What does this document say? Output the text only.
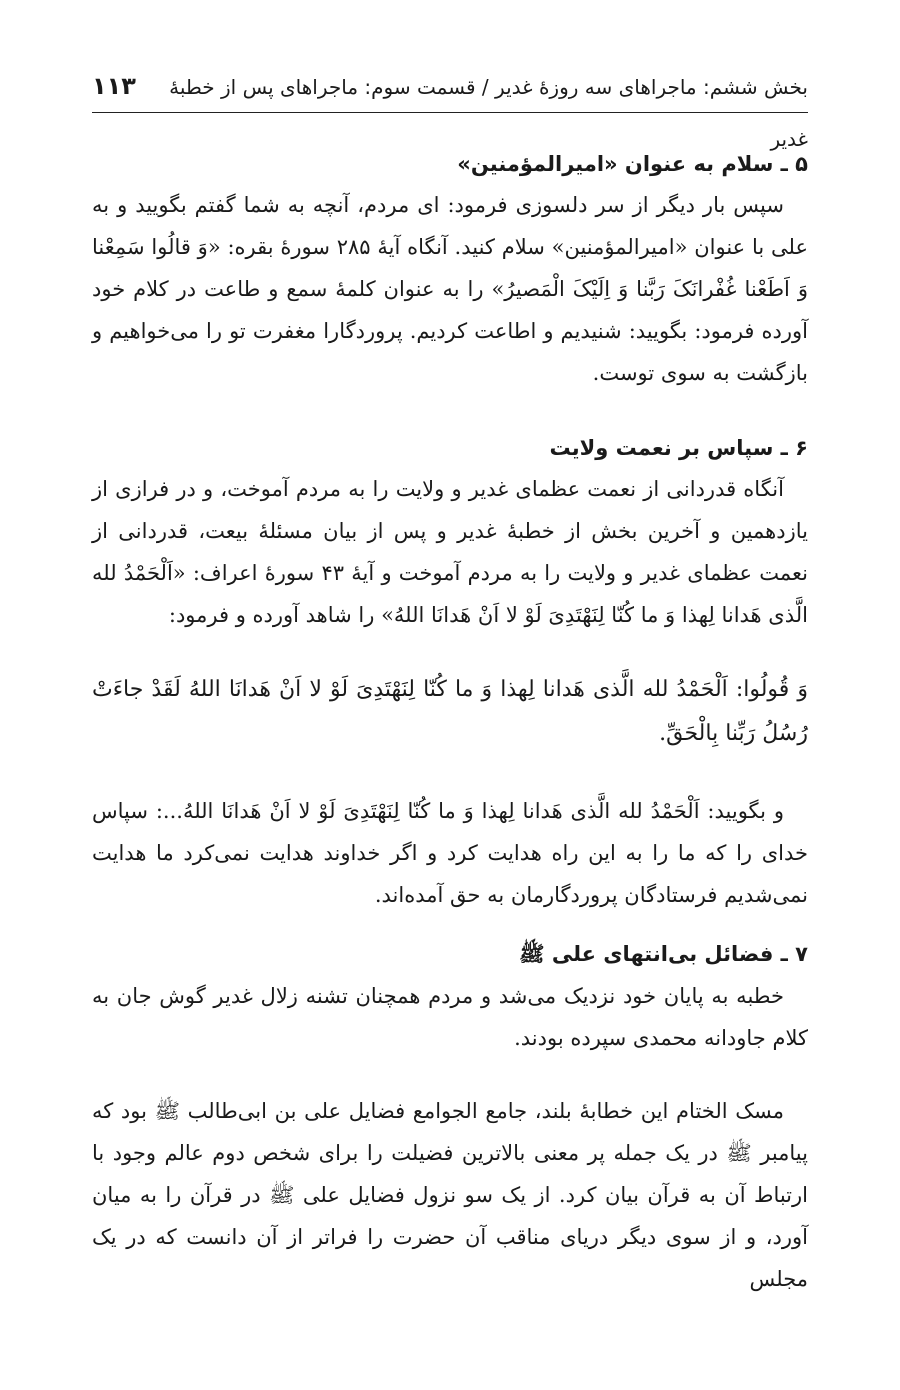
بخش ششم: ماجراهای سه روزۀ غدیر / قسمت سوم: ماجراهای پس از خطبۀ غدیر
۱۱۳
۵ ـ سلام به عنوان «امیرالمؤمنین»

سپس بار دیگر از سر دلسوزی فرمود: ای مردم، آنچه به شما گفتم بگویید و به علی با عنوان «امیرالمؤمنین» سلام کنید. آنگاه آیۀ ۲۸۵ سورۀ بقره: «وَ قالُوا سَمِعْنا وَ اَطَعْنا غُفْرانَکَ رَبَّنا وَ اِلَیْکَ الْمَصیرُ» را به عنوان کلمۀ سمع و طاعت در کلام خود آورده فرمود: بگویید: شنیدیم و اطاعت کردیم. پروردگارا مغفرت تو را می‌خواهیم و بازگشت به سوی توست.

۶ ـ سپاس بر نعمت ولایت

آنگاه قدردانی از نعمت عظمای غدیر و ولایت را به مردم آموخت، و در فرازی از یازدهمین و آخرین بخش از خطبۀ غدیر و پس از بیان مسئلۀ بیعت، قدردانی از نعمت عظمای غدیر و ولایت را به مردم آموخت و آیۀ ۴۳ سورۀ اعراف: «اَلْحَمْدُ لله الَّذی هَدانا لِهذا وَ ما کُنّا لِنَهْتَدِیَ لَوْ لا اَنْ هَدانَا اللهُ» را شاهد آورده و فرمود:

وَ قُولُوا: اَلْحَمْدُ لله الَّذی هَدانا لِهذا وَ ما کُنّا لِنَهْتَدِیَ لَوْ لا اَنْ هَدانَا اللهُ لَقَدْ جاءَتْ رُسُلُ رَبِّنا بِالْحَقِّ.

و بگویید: اَلْحَمْدُ لله الَّذی هَدانا لِهذا وَ ما کُنّا لِنَهْتَدِیَ لَوْ لا اَنْ هَدانَا اللهُ...: سپاس خدای را که ما را به این راه هدایت کرد و اگر خداوند هدایت نمی‌کرد ما هدایت نمی‌شدیم فرستادگان پروردگارمان به حق آمده‌اند.

۷ ـ فضائل بی‌انتهای علی ﷺ

خطبه به پایان خود نزدیک می‌شد و مردم همچنان تشنه زلال غدیر گوش جان به کلام جاودانه محمدی سپرده بودند.

مسک الختام این خطابۀ بلند، جامع الجوامع فضایل علی بن ابی‌طالب ﷺ بود که پیامبر ﷺ در یک جمله پر معنی بالاترین فضیلت را برای شخص دوم عالم وجود با ارتباط آن به قرآن بیان کرد. از یک سو نزول فضایل علی ﷺ در قرآن را به میان آورد، و از سوی دیگر دریای مناقب آن حضرت را فراتر از آن دانست که در یک مجلس
